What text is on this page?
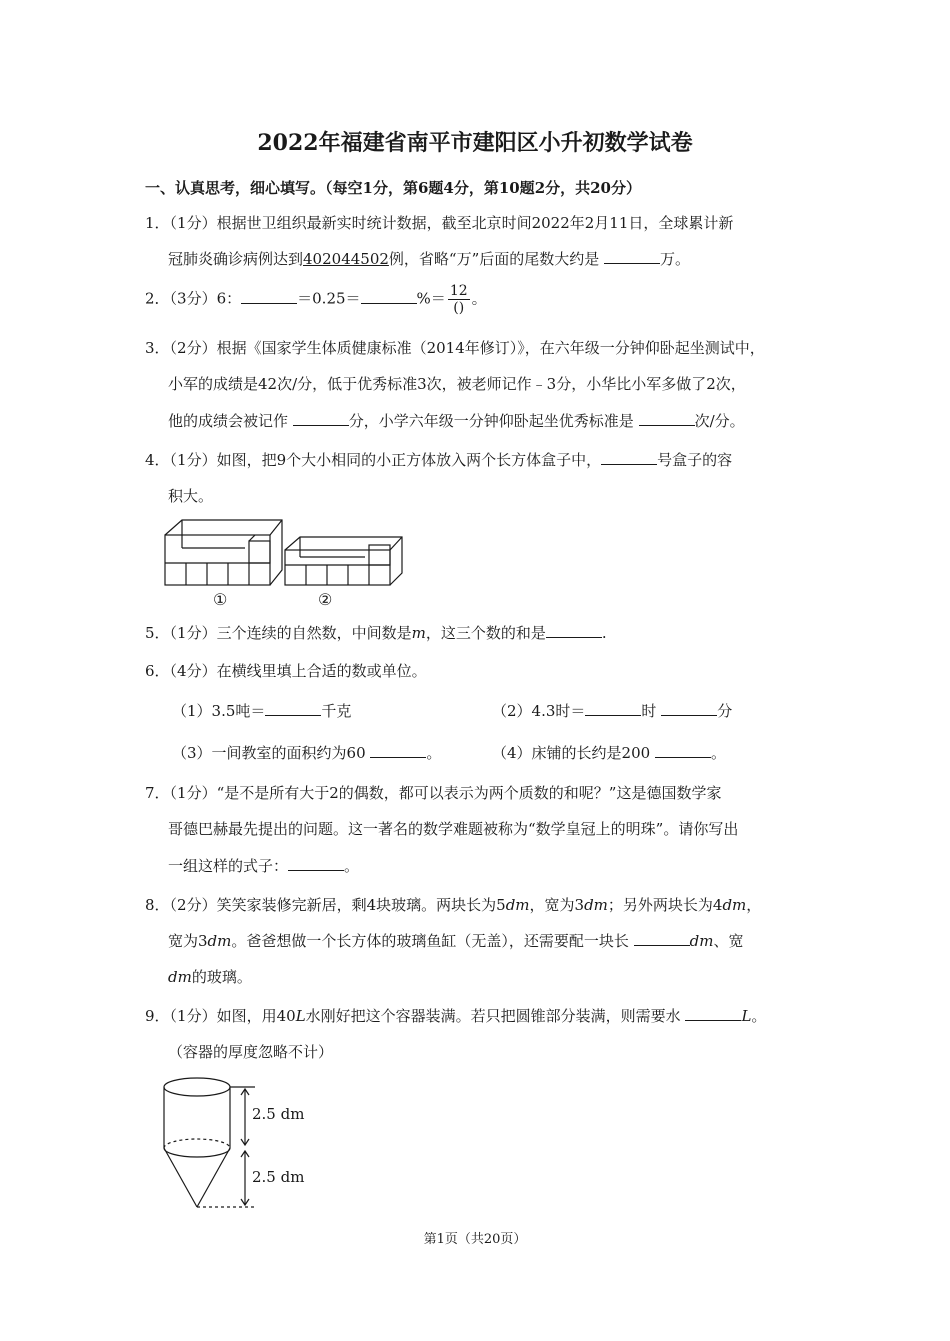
2022年福建省南平市建阳区小升初数学试卷
一、认真思考，细心填写。（每空1分，第6题4分，第10题2分，共20分）
1．（1分）根据世卫组织最新实时统计数据，截至北京时间2022年2月11日，全球累计新
冠肺炎确诊病例达到402044502例，省略“万”后面的尾数大约是	万。
2．（3分）6：	＝0.25＝	%＝ $\frac{12}{()}$ 。
3．（2分）根据《国家学生体质健康标准（2014年修订）》，在六年级一分钟仰卧起坐测试中，
小军的成绩是42次/分，低于优秀标准3次，被老师记作﹣3分，小华比小军多做了2次，
他的成绩会被记作	分，小学六年级一分钟仰卧起坐优秀标准是	次/分。
4．（1分）如图，把9个大小相同的小正方体放入两个长方体盒子中，	号盒子的容
积大。
①	②
5．（1分）三个连续的自然数，中间数是m，这三个数的和是	.
6．（4分）在横线里填上合适的数或单位。
（1）3.5吨＝	千克	（2）4.3时＝	时	分
（3）一间教室的面积约为60	。	（4）床铺的长约是200	。
7．（1分）“是不是所有大于2的偶数，都可以表示为两个质数的和呢？”这是德国数学家
哥德巴赫最先提出的问题。这一著名的数学难题被称为“数学皇冠上的明珠”。请你写出
一组这样的式子：	。
8．（2分）笑笑家装修完新居，剩4块玻璃。两块长为5dm，宽为3dm；另外两块长为4dm，
宽为3dm。爸爸想做一个长方体的玻璃鱼缸（无盖），还需要配一块长	dm、宽
dm的玻璃。
9．（1分）如图，用40L水刚好把这个容器装满。若只把圆锥部分装满，则需要水	L。
（容器的厚度忽略不计）
2.5 dm
2.5 dm
第1页（共20页）
